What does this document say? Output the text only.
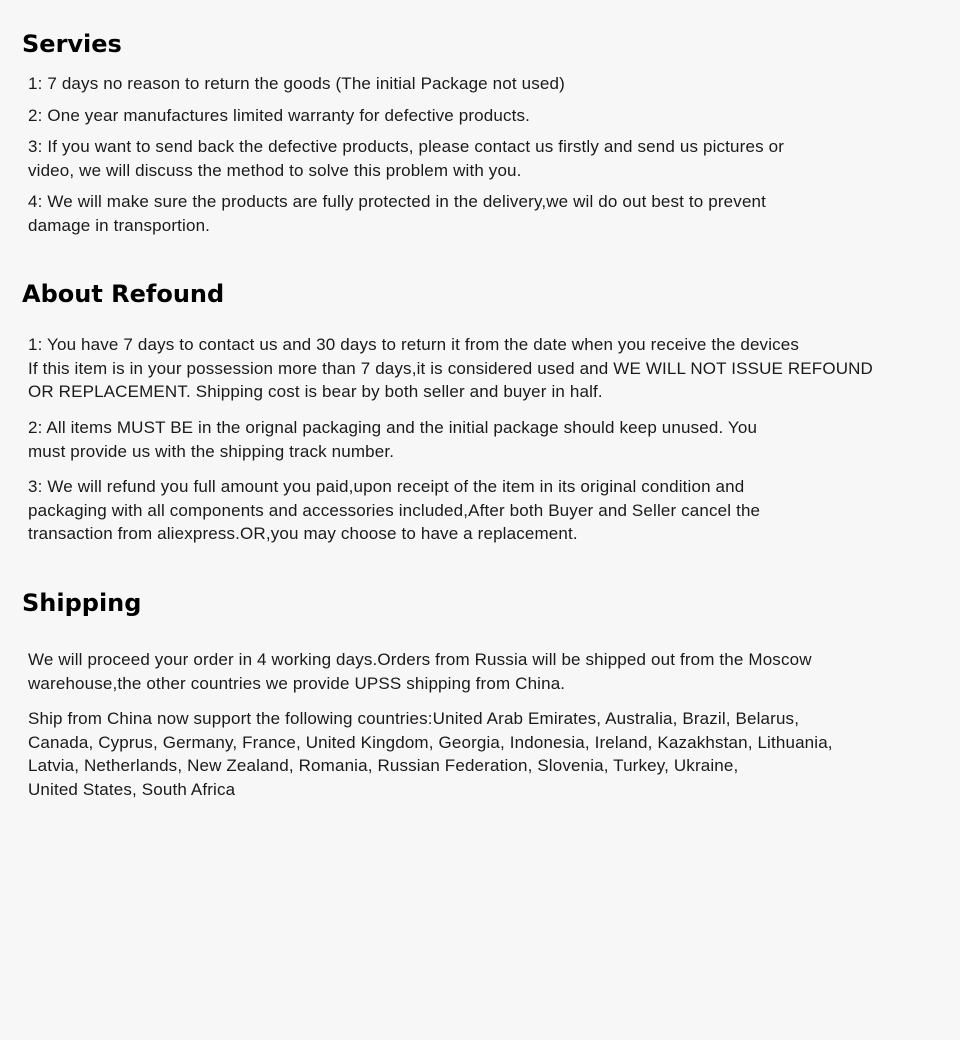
Servies

1: 7 days no reason to return the goods (The initial Package not used)

2: One year manufactures limited warranty for defective products.

3: If you want to send back the defective products, please contact us firstly and send us pictures or
video, we will discuss the method to solve this problem with you.

4: We will make sure the products are fully protected in the delivery,we wil do out best to prevent
damage in transportion.

About Refound

1: You have 7 days to contact us and 30 days to return it from the date when you receive the devices
If this item is in your possession more than 7 days,it is considered used and WE WILL NOT ISSUE REFOUND
OR REPLACEMENT. Shipping cost is bear by both seller and buyer in half.

2: All items MUST BE in the orignal packaging and the initial package should keep unused. You
must provide us with the shipping track number.

3: We will refund you full amount you paid,upon receipt of the item in its original condition and
packaging with all components and accessories included,After both Buyer and Seller cancel the
transaction from aliexpress.OR,you may choose to have a replacement.

Shipping

We will proceed your order in 4 working days.Orders from Russia will be shipped out from the Moscow
warehouse,the other countries we provide UPSS shipping from China.

Ship from China now support the following countries:United Arab Emirates, Australia, Brazil, Belarus,
Canada, Cyprus, Germany, France, United Kingdom, Georgia, Indonesia, Ireland, Kazakhstan, Lithuania,
Latvia, Netherlands, New Zealand, Romania, Russian Federation, Slovenia, Turkey, Ukraine,
United States, South Africa
